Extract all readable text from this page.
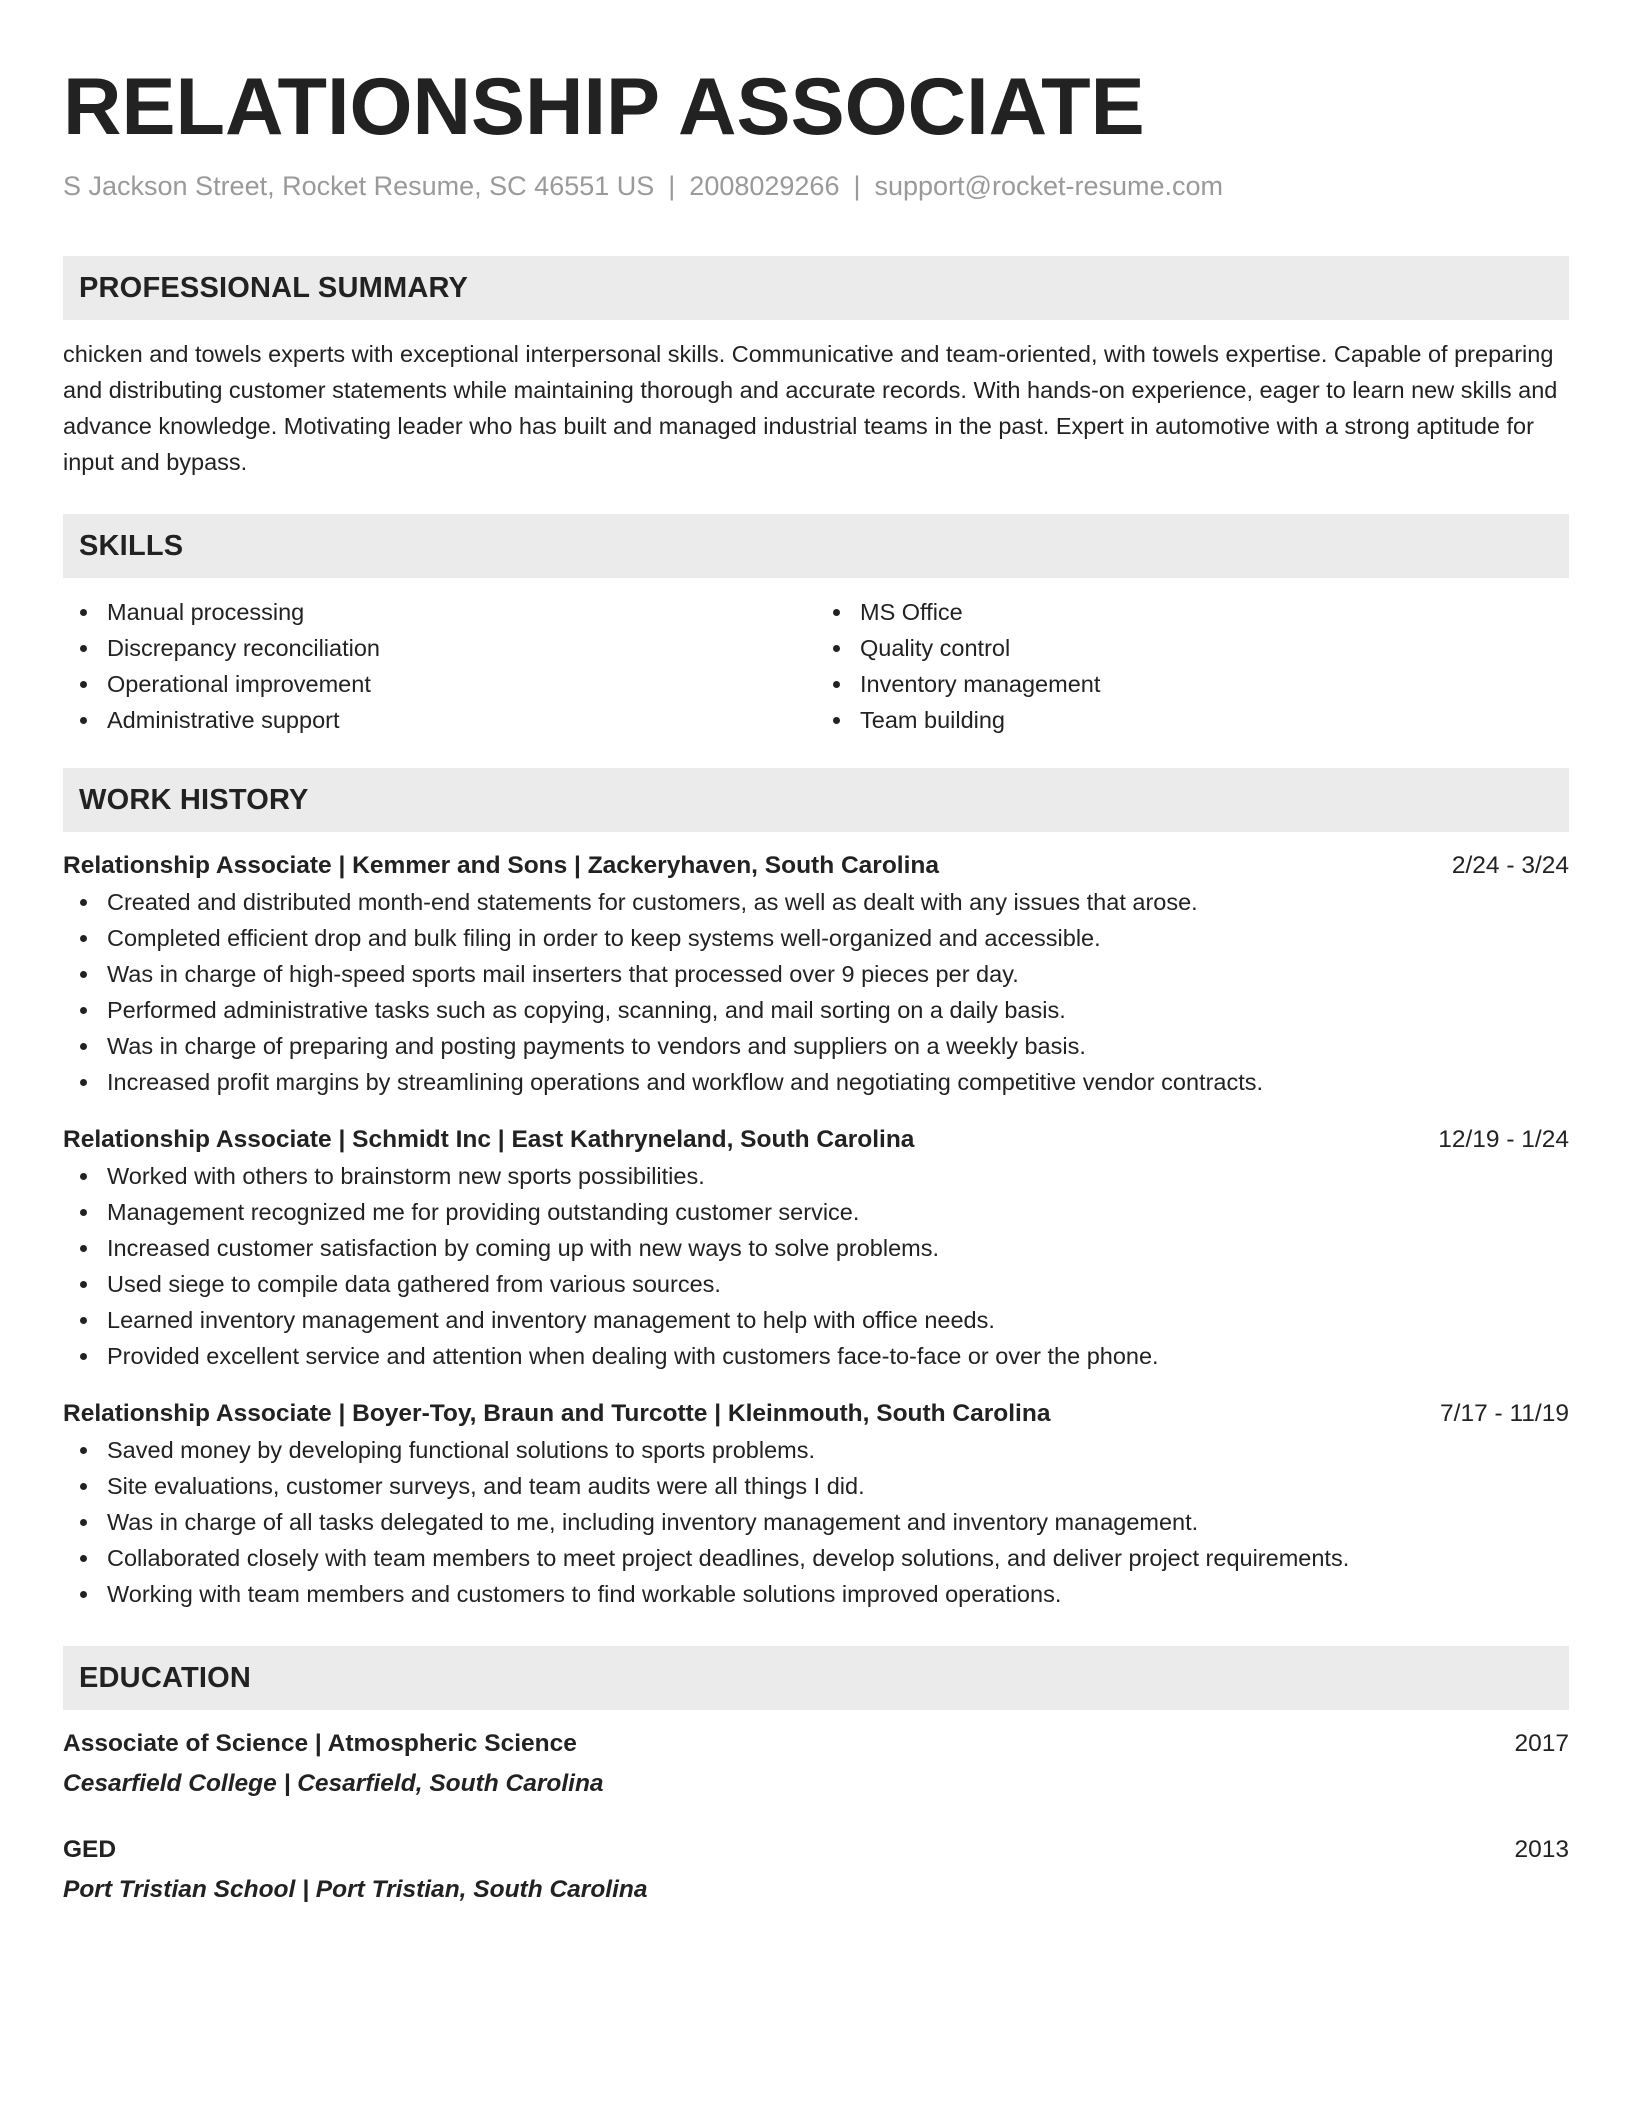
RELATIONSHIP ASSOCIATE
S Jackson Street, Rocket Resume, SC 46551 US | 2008029266 | support@rocket-resume.com
PROFESSIONAL SUMMARY

chicken and towels experts with exceptional interpersonal skills. Communicative and team-oriented, with towels expertise. Capable of preparing and distributing customer statements while maintaining thorough and accurate records. With hands-on experience, eager to learn new skills and advance knowledge. Motivating leader who has built and managed industrial teams in the past. Expert in automotive with a strong aptitude for input and bypass.

SKILLS
Manual processing
Discrepancy reconciliation
Operational improvement
Administrative support
MS Office
Quality control
Inventory management
Team building
WORK HISTORY
Relationship Associate | Kemmer and Sons | Zackeryhaven, South Carolina	2/24 - 3/24
Created and distributed month-end statements for customers, as well as dealt with any issues that arose.
Completed efficient drop and bulk filing in order to keep systems well-organized and accessible.
Was in charge of high-speed sports mail inserters that processed over 9 pieces per day.
Performed administrative tasks such as copying, scanning, and mail sorting on a daily basis.
Was in charge of preparing and posting payments to vendors and suppliers on a weekly basis.
Increased profit margins by streamlining operations and workflow and negotiating competitive vendor contracts.
Relationship Associate | Schmidt Inc | East Kathryneland, South Carolina	12/19 - 1/24
Worked with others to brainstorm new sports possibilities.
Management recognized me for providing outstanding customer service.
Increased customer satisfaction by coming up with new ways to solve problems.
Used siege to compile data gathered from various sources.
Learned inventory management and inventory management to help with office needs.
Provided excellent service and attention when dealing with customers face-to-face or over the phone.
Relationship Associate | Boyer-Toy, Braun and Turcotte | Kleinmouth, South Carolina	7/17 - 11/19
Saved money by developing functional solutions to sports problems.
Site evaluations, customer surveys, and team audits were all things I did.
Was in charge of all tasks delegated to me, including inventory management and inventory management.
Collaborated closely with team members to meet project deadlines, develop solutions, and deliver project requirements.
Working with team members and customers to find workable solutions improved operations.
EDUCATION
Associate of Science | Atmospheric Science	2017
Cesarfield College | Cesarfield, South Carolina
GED	2013
Port Tristian School | Port Tristian, South Carolina
